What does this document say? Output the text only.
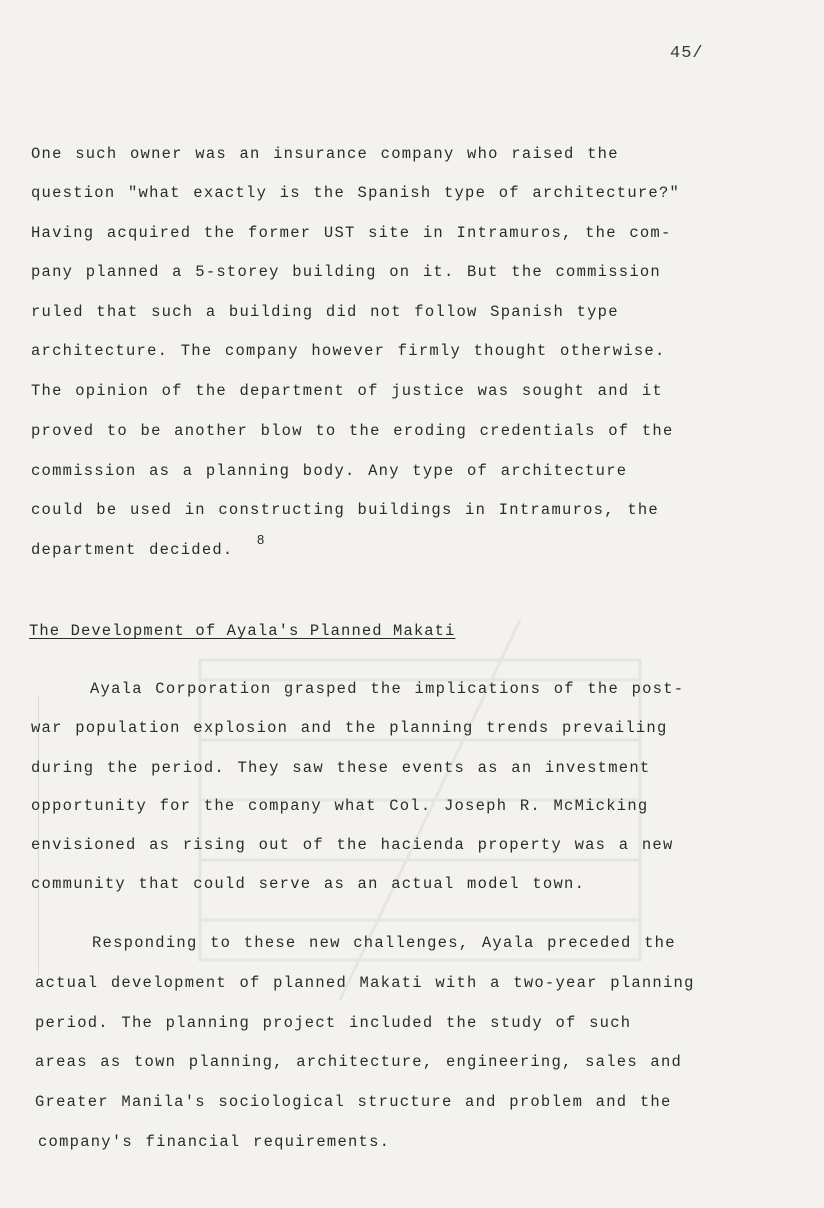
45/
One such owner was an insurance company who raised the
question "what exactly is the Spanish type of architecture?"
Having acquired the former UST site in Intramuros, the com-
pany planned a 5-storey building on it. But the commission
ruled that such a building did not follow Spanish type
architecture. The company however firmly thought otherwise.
The opinion of the department of justice was sought and it
proved to be another blow to the eroding credentials of the
commission as a planning body. Any type of architecture
could be used in constructing buildings in Intramuros, the
department decided.
8
The Development of Ayala's Planned Makati
Ayala Corporation grasped the implications of the post-
war population explosion and the planning trends prevailing
during the period. They saw these events as an investment
opportunity for the company what Col. Joseph R. McMicking
envisioned as rising out of the hacienda property was a new
community that could serve as an actual model town.
Responding to these new challenges, Ayala preceded the
actual development of planned Makati with a two-year planning
period. The planning project included the study of such
areas as town planning, architecture, engineering, sales and
Greater Manila's sociological structure and problem and the
company's financial requirements.
